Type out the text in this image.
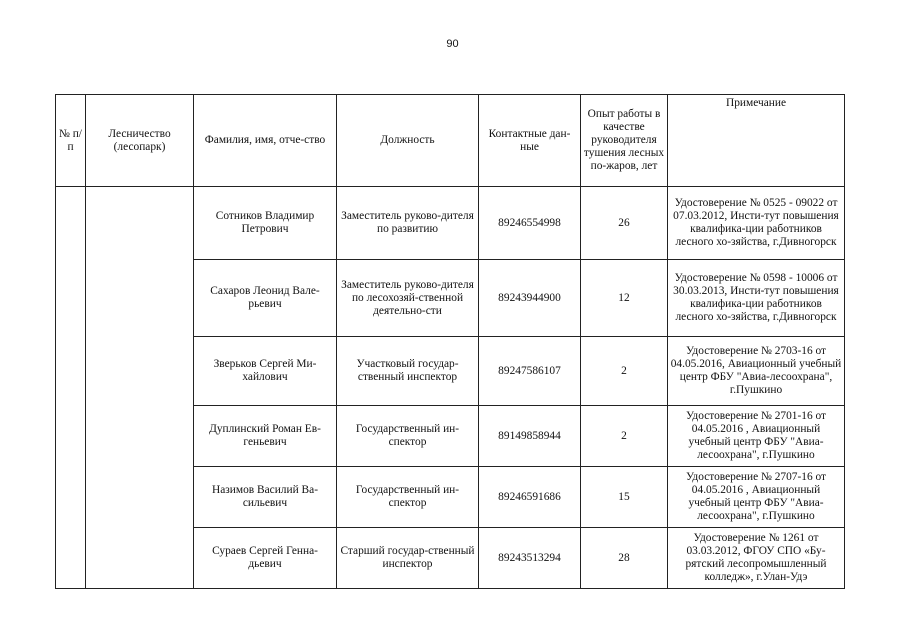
90
№ п/п	Лесничество (лесопарк)	Фамилия, имя, отче-ство	Должность	Контактные дан-ные	Опыт работы в качестве руководителя тушения лесных по-жаров, лет	Примечание
		Сотников Владимир Петрович	Заместитель руково-дителя по развитию	89246554998	26	Удостоверение № 0525 - 09022 от 07.03.2012, Инсти-тут повышения квалифика-ции работников лесного хо-зяйства, г.Дивногорск
		Сахаров Леонид Вале-рьевич	Заместитель руково-дителя по лесохозяй-ственной деятельно-сти	89243944900	12	Удостоверение № 0598 - 10006 от 30.03.2013, Инсти-тут повышения квалифика-ции работников лесного хо-зяйства, г.Дивногорск
		Зверьков Сергей Ми-хайлович	Участковый государ-ственный инспектор	89247586107	2	Удостоверение № 2703-16 от 04.05.2016, Авиационный учебный центр ФБУ "Авиа-лесоохрана", г.Пушкино
		Дуплинский Роман Ев-геньевич	Государственный ин-спектор	89149858944	2	Удостоверение № 2701-16 от 04.05.2016 , Авиационный учебный центр ФБУ "Авиа-лесоохрана", г.Пушкино
		Назимов Василий Ва-сильевич	Государственный ин-спектор	89246591686	15	Удостоверение № 2707-16 от 04.05.2016 , Авиационный учебный центр ФБУ "Авиа-лесоохрана", г.Пушкино
		Сураев Сергей Генна-дьевич	Старший государ-ственный инспектор	89243513294	28	Удостоверение № 1261 от 03.03.2012, ФГОУ СПО «Бу-рятский лесопромышленный колледж», г.Улан-Удэ
